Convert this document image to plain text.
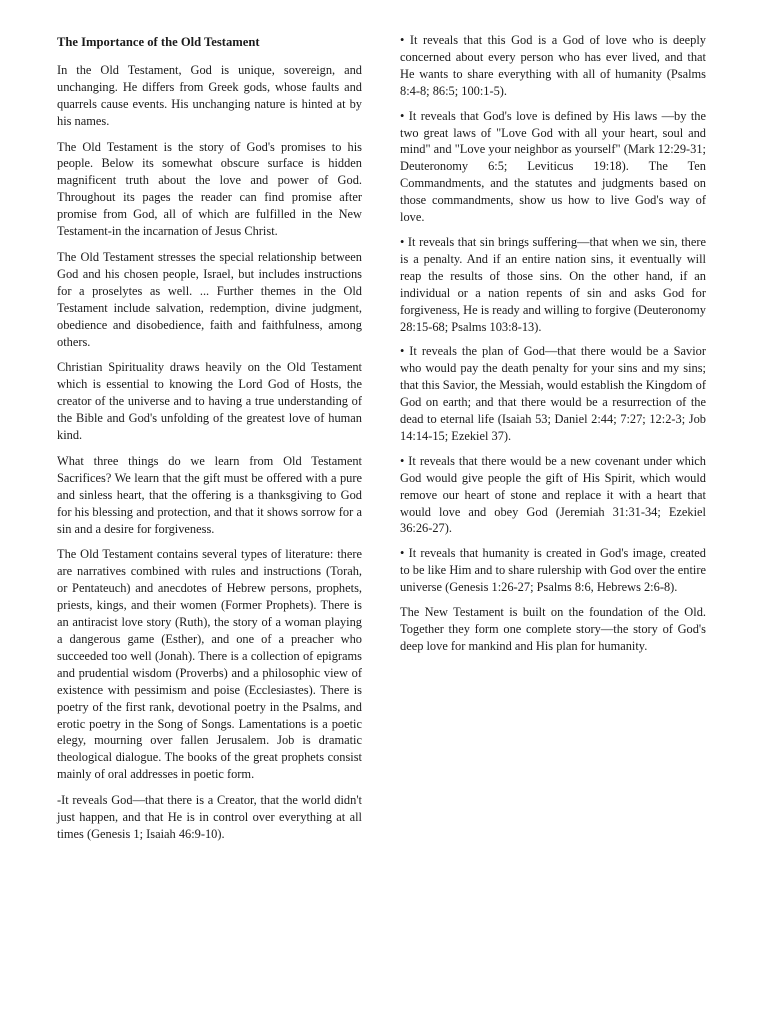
The Importance of the Old Testament

In the Old Testament, God is unique, sovereign, and unchanging. He differs from Greek gods, whose faults and quarrels cause events. His unchanging nature is hinted at by his names.

The Old Testament is the story of God's promises to his people. Below its somewhat obscure surface is hidden magnificent truth about the love and power of God. Throughout its pages the reader can find promise after promise from God, all of which are fulfilled in the New Testament-in the incarnation of Jesus Christ.

The Old Testament stresses the special relationship between God and his chosen people, Israel, but includes instructions for a proselytes as well. ... Further themes in the Old Testament include salvation, redemption, divine judgment, obedience and disobedience, faith and faithfulness, among others.

Christian Spirituality draws heavily on the Old Testament which is essential to knowing the Lord God of Hosts, the creator of the universe and to having a true understanding of the Bible and God's unfolding of the greatest love of human kind.

What three things do we learn from Old Testament Sacrifices? We learn that the gift must be offered with a pure and sinless heart, that the offering is a thanksgiving to God for his blessing and protection, and that it shows sorrow for a sin and a desire for forgiveness.

The Old Testament contains several types of literature: there are narratives combined with rules and instructions (Torah, or Pentateuch) and anecdotes of Hebrew persons, prophets, priests, kings, and their women (Former Prophets). There is an antiracist love story (Ruth), the story of a woman playing a dangerous game (Esther), and one of a preacher who succeeded too well (Jonah). There is a collection of epigrams and prudential wisdom (Proverbs) and a philosophic view of existence with pessimism and poise (Ecclesiastes). There is poetry of the first rank, devotional poetry in the Psalms, and erotic poetry in the Song of Songs. Lamentations is a poetic elegy, mourning over fallen Jerusalem. Job is dramatic theological dialogue. The books of the great prophets consist mainly of oral addresses in poetic form.

-It reveals God—that there is a Creator, that the world didn't just happen, and that He is in control over everything at all times (Genesis 1; Isaiah 46:9-10).

• It reveals that this God is a God of love who is deeply concerned about every person who has ever lived, and that He wants to share everything with all of humanity (Psalms 8:4-8; 86:5; 100:1-5).

• It reveals that God's love is defined by His laws —by the two great laws of "Love God with all your heart, soul and mind" and "Love your neighbor as yourself" (Mark 12:29-31; Deuteronomy 6:5; Leviticus 19:18). The Ten Commandments, and the statutes and judgments based on those commandments, show us how to live God's way of love.

• It reveals that sin brings suffering—that when we sin, there is a penalty. And if an entire nation sins, it eventually will reap the results of those sins. On the other hand, if an individual or a nation repents of sin and asks God for forgiveness, He is ready and willing to forgive (Deuteronomy 28:15-68; Psalms 103:8-13).

• It reveals the plan of God—that there would be a Savior who would pay the death penalty for your sins and my sins; that this Savior, the Messiah, would establish the Kingdom of God on earth; and that there would be a resurrection of the dead to eternal life (Isaiah 53; Daniel 2:44; 7:27; 12:2-3; Job 14:14-15; Ezekiel 37).

• It reveals that there would be a new covenant under which God would give people the gift of His Spirit, which would remove our heart of stone and replace it with a heart that would love and obey God (Jeremiah 31:31-34; Ezekiel 36:26-27).

• It reveals that humanity is created in God's image, created to be like Him and to share rulership with God over the entire universe (Genesis 1:26-27; Psalms 8:6, Hebrews 2:6-8).

The New Testament is built on the foundation of the Old. Together they form one complete story—the story of God's deep love for mankind and His plan for humanity.
